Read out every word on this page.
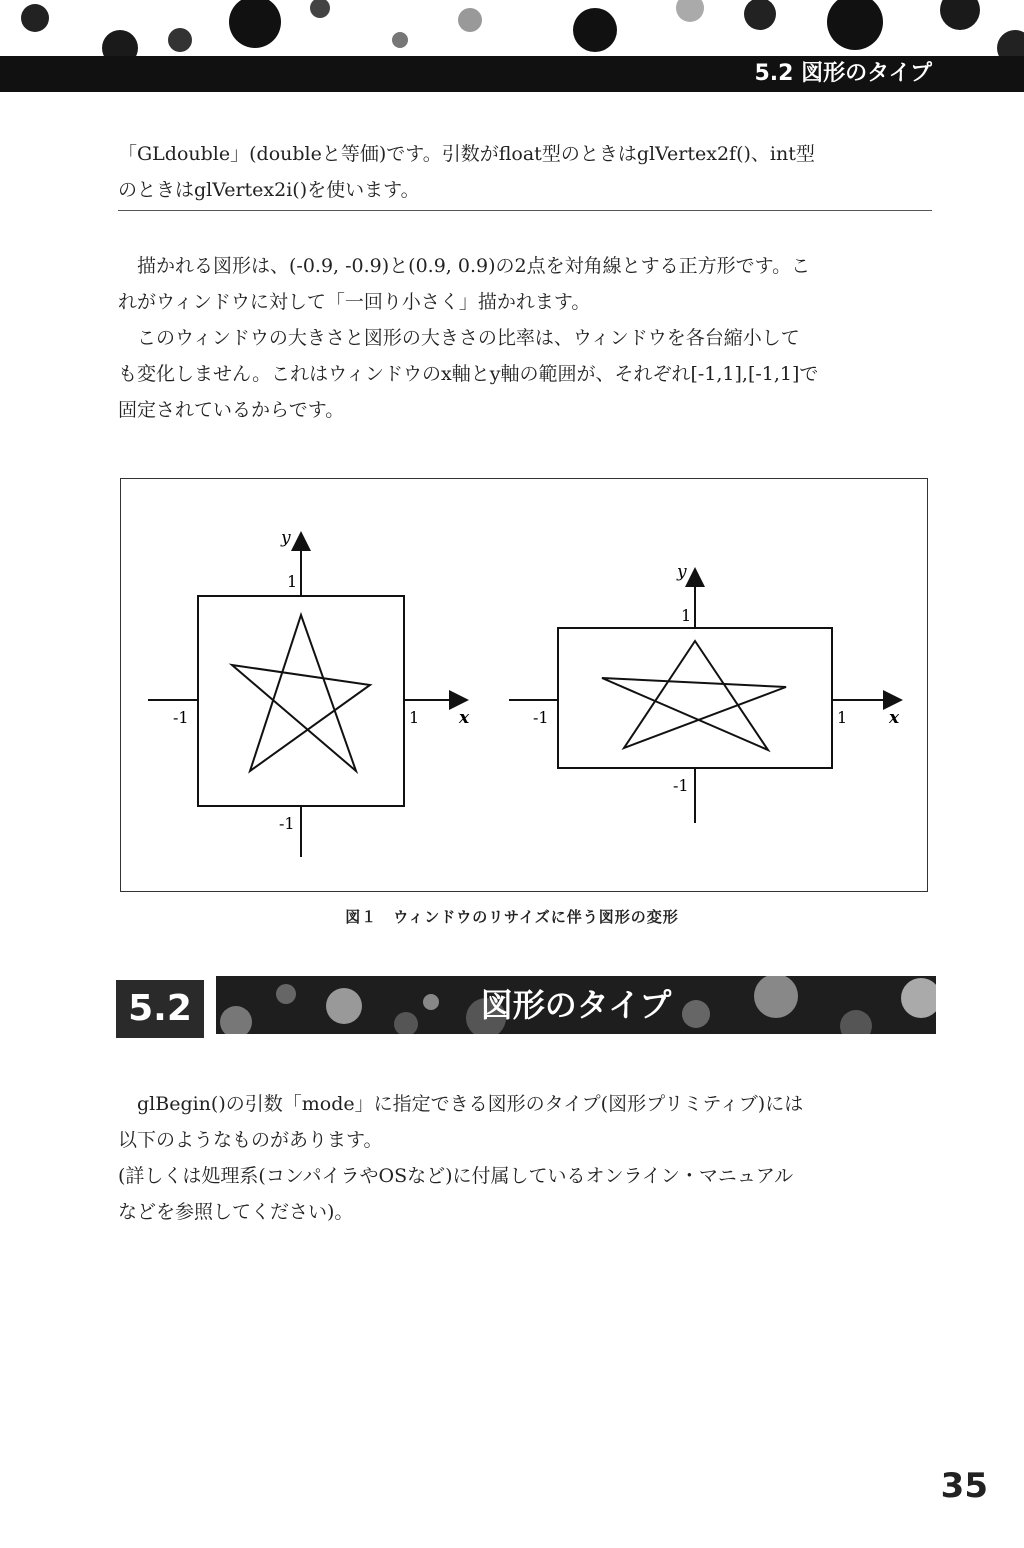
5.2 図形のタイプ

「GLdouble」(doubleと等価)です。引数がfloat型のときはglVertex2f()、int型

のときはglVertex2i()を使います。

描かれる図形は、(-0.9, -0.9)と(0.9, 0.9)の2点を対角線とする正方形です。こ

れがウィンドウに対して「一回り小さく」描かれます。

このウィンドウの大きさと図形の大きさの比率は、ウィンドウを各台縮小して

も変化しません。これはウィンドウのx軸とy軸の範囲が、それぞれ[-1,1],[-1,1]で

固定されているからです。

y
1
-1
-1	1 x
y
1
-1
-1	1 x
図１　ウィンドウのリサイズに伴う図形の変形
5.2	図形のタイプ

glBegin()の引数「mode」に指定できる図形のタイプ(図形プリミティブ)には

以下のようなものがあります。

(詳しくは処理系(コンパイラやOSなど)に付属しているオンライン・マニュアル

などを参照してください)。

35
